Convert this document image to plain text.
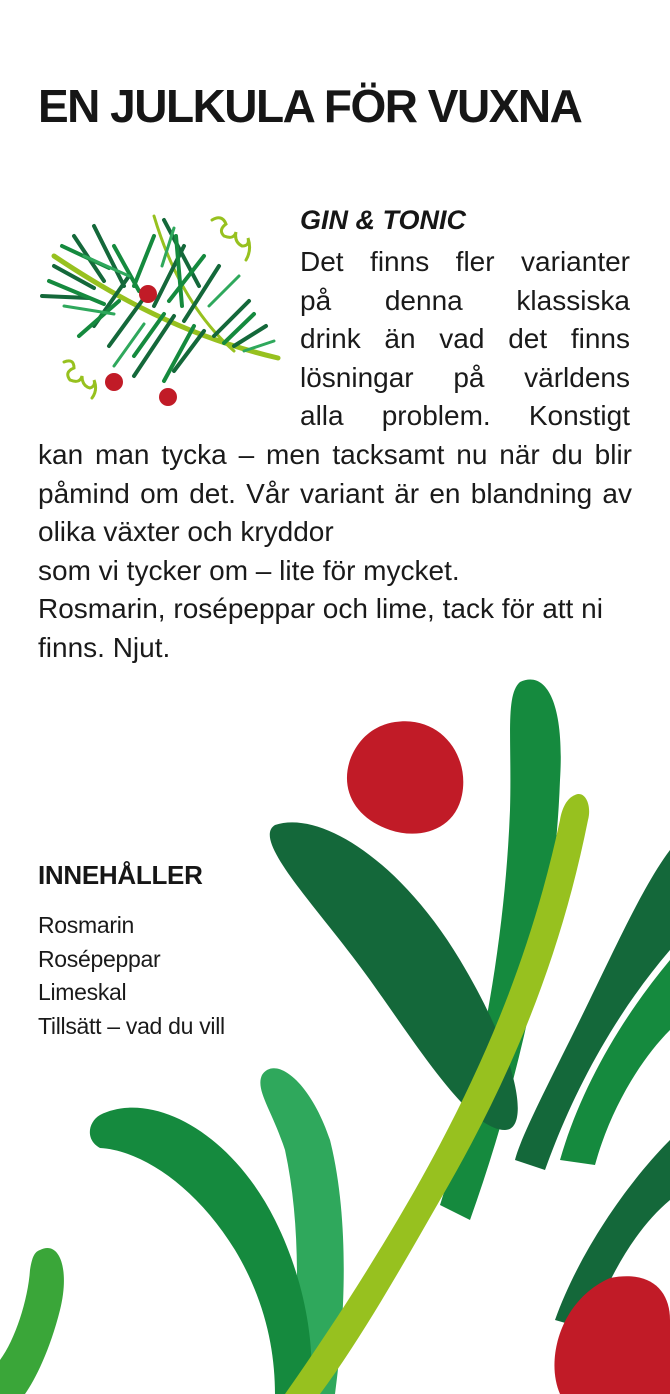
EN JULKULA FÖR VUXNA
GIN & TONIC
Det finns fler varianter
på denna klassiska
drink än vad det finns
lösningar på världens
alla problem. Konstigt
kan man tycka – men tacksamt nu när du blir påmind om det. Vår variant är en blandning av olika växter och kryddor
som vi tycker om – lite för mycket.

Rosmarin, rosépeppar och lime, tack för att ni finns. Njut.

INNEHÅLLER
Rosmarin
Rosépeppar
Limeskal
Tillsätt – vad du vill
